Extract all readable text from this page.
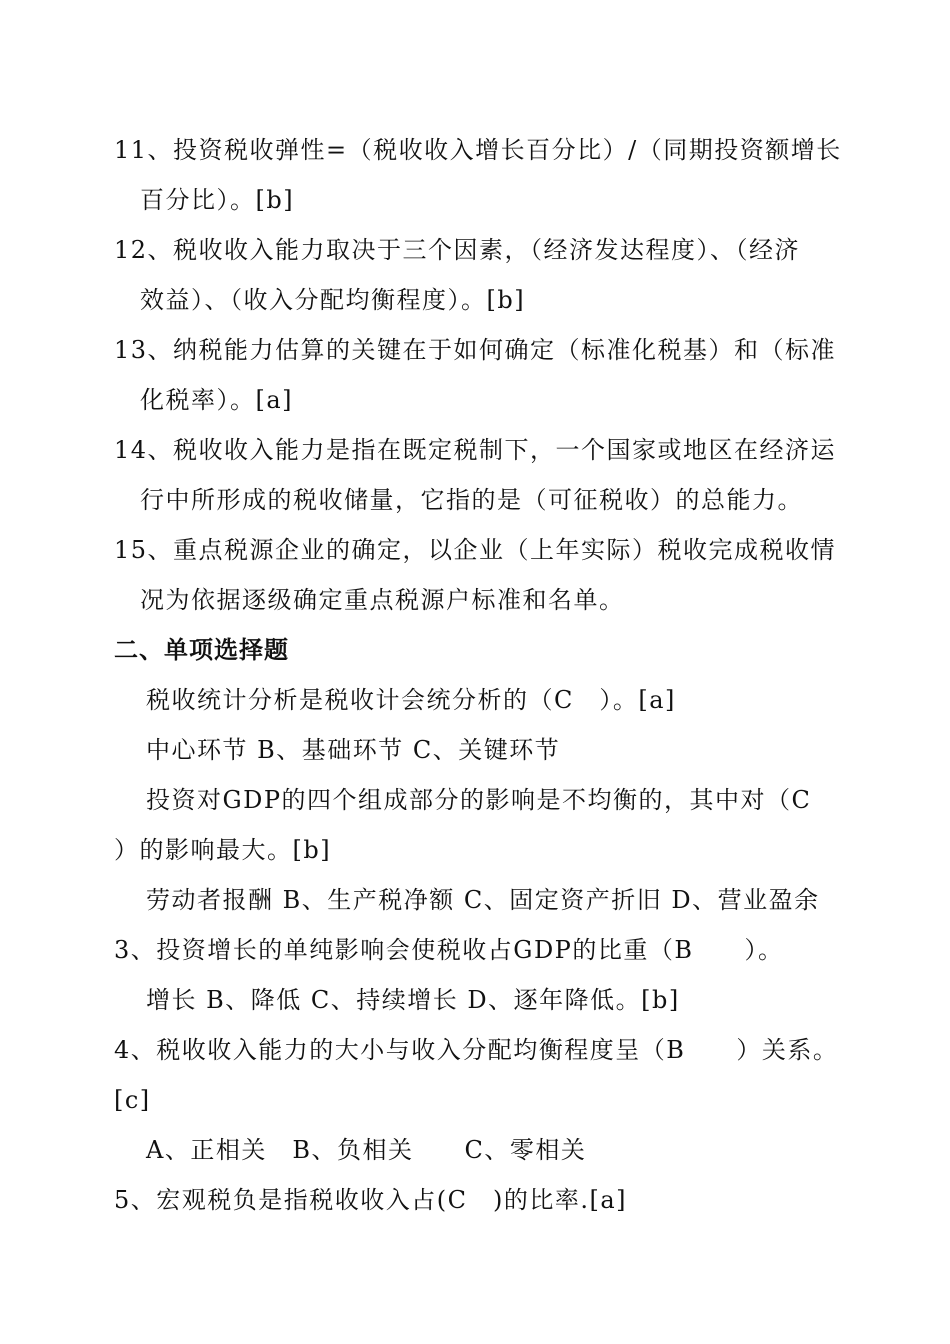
11、投资税收弹性=（税收收入增长百分比）/（同期投资额增长
百分比）。[b]
12、税收收入能力取决于三个因素，（经济发达程度）、（经济
效益）、（收入分配均衡程度）。[b]
13、纳税能力估算的关键在于如何确定（标准化税基）和（标准
化税率）。[a]
14、税收收入能力是指在既定税制下，一个国家或地区在经济运
行中所形成的税收储量，它指的是（可征税收）的总能力。
15、重点税源企业的确定，以企业（上年实际）税收完成税收情
况为依据逐级确定重点税源户标准和名单。
二、单项选择题
税收统计分析是税收计会统分析的（C　）。[a]
中心环节 B、基础环节 C、关键环节
投资对GDP的四个组成部分的影响是不均衡的，其中对（C
）的影响最大。[b]
劳动者报酬 B、生产税净额 C、固定资产折旧 D、营业盈余
3、投资增长的单纯影响会使税收占GDP的比重（B　　）。
增长 B、降低 C、持续增长 D、逐年降低。[b]
4、税收收入能力的大小与收入分配均衡程度呈（B　　）关系。
[c]
A、正相关　B、负相关　　C、零相关
5、宏观税负是指税收收入占(C　)的比率.[a]
